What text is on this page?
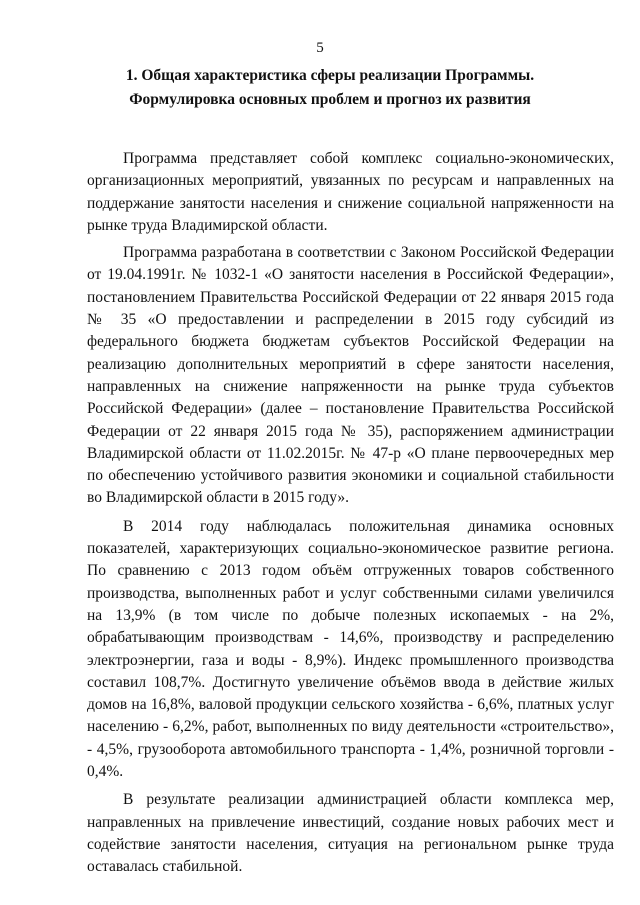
5
1. Общая характеристика сферы реализации Программы.
Формулировка основных проблем и прогноз их развития

Программа представляет собой комплекс социально-экономических, организационных мероприятий, увязанных по ресурсам и направленных на поддержание занятости населения и снижение социальной напряженности на рынке труда Владимирской области.

Программа разработана в соответствии с Законом Российской Федерации от 19.04.1991г. № 1032-1 «О занятости населения в Российской Федерации», постановлением Правительства Российской Федерации от 22 января 2015 года № 35 «О предоставлении и распределении в 2015 году субсидий из федерального бюджета бюджетам субъектов Российской Федерации на реализацию дополнительных мероприятий в сфере занятости населения, направленных на снижение напряженности на рынке труда субъектов Российской Федерации» (далее – постановление Правительства Российской Федерации от 22 января 2015 года № 35), распоряжением администрации Владимирской области от 11.02.2015г. № 47-р «О плане первоочередных мер по обеспечению устойчивого развития экономики и социальной стабильности во Владимирской области в 2015 году».

В 2014 году наблюдалась положительная динамика основных показателей, характеризующих социально-экономическое развитие региона. По сравнению с 2013 годом объём отгруженных товаров собственного производства, выполненных работ и услуг собственными силами увеличился на 13,9% (в том числе по добыче полезных ископаемых - на 2%, обрабатывающим производствам - 14,6%, производству и распределению электроэнергии, газа и воды - 8,9%). Индекс промышленного производства составил 108,7%. Достигнуто увеличение объёмов ввода в действие жилых домов на 16,8%, валовой продукции сельского хозяйства - 6,6%, платных услуг населению - 6,2%, работ, выполненных по виду деятельности «строительство», - 4,5%, грузооборота автомобильного транспорта - 1,4%, розничной торговли - 0,4%.

В результате реализации администрацией области комплекса мер, направленных на привлечение инвестиций, создание новых рабочих мест и содействие занятости населения, ситуация на региональном рынке труда оставалась стабильной.
